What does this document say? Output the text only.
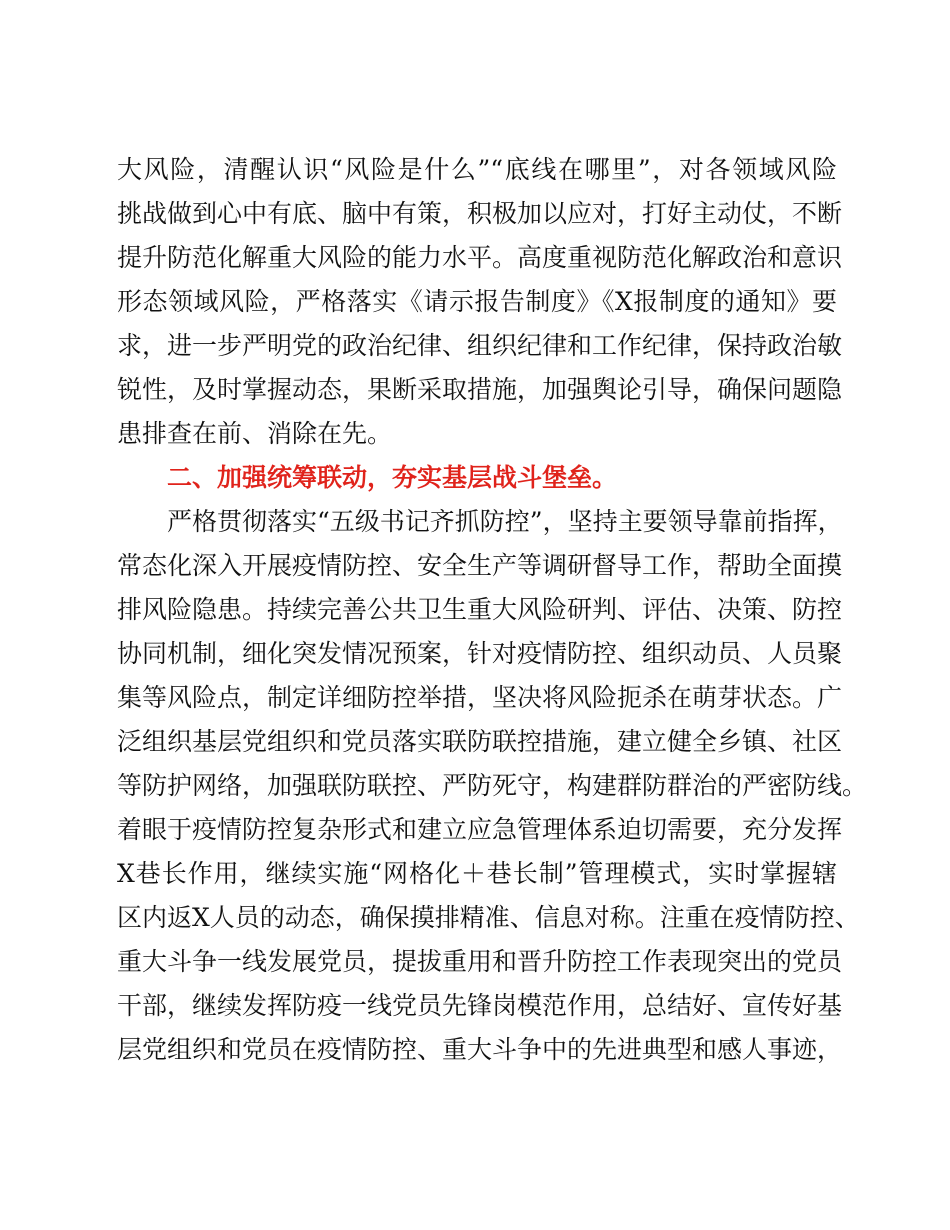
大风险，清醒认识“风险是什么”“底线在哪里”，对各领域风险
挑战做到心中有底、脑中有策，积极加以应对，打好主动仗，不断
提升防范化解重大风险的能力水平。高度重视防范化解政治和意识
形态领域风险，严格落实《请示报告制度》《X报制度的通知》要
求，进一步严明党的政治纪律、组织纪律和工作纪律，保持政治敏
锐性，及时掌握动态，果断采取措施，加强舆论引导，确保问题隐
患排查在前、消除在先。
二、加强统筹联动，夯实基层战斗堡垒。
严格贯彻落实“五级书记齐抓防控”，坚持主要领导靠前指挥，
常态化深入开展疫情防控、安全生产等调研督导工作，帮助全面摸
排风险隐患。持续完善公共卫生重大风险研判、评估、决策、防控
协同机制，细化突发情况预案，针对疫情防控、组织动员、人员聚
集等风险点，制定详细防控举措，坚决将风险扼杀在萌芽状态。广
泛组织基层党组织和党员落实联防联控措施，建立健全乡镇、社区
等防护网络，加强联防联控、严防死守，构建群防群治的严密防线。
着眼于疫情防控复杂形式和建立应急管理体系迫切需要，充分发挥
X巷长作用，继续实施“网格化＋巷长制”管理模式，实时掌握辖
区内返X人员的动态，确保摸排精准、信息对称。注重在疫情防控、
重大斗争一线发展党员，提拔重用和晋升防控工作表现突出的党员
干部，继续发挥防疫一线党员先锋岗模范作用，总结好、宣传好基
层党组织和党员在疫情防控、重大斗争中的先进典型和感人事迹，
